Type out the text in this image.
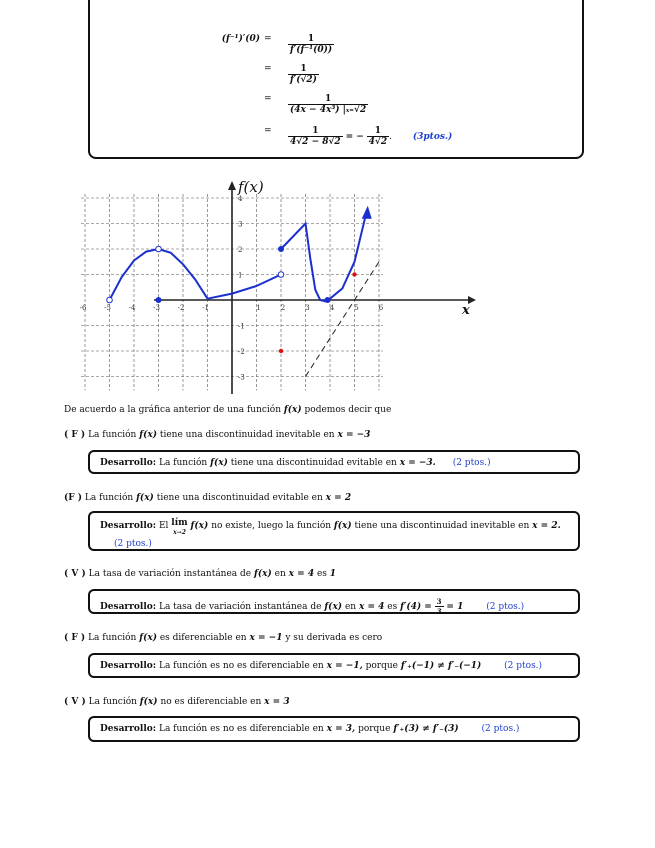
$(f^{-1})'(0) = \frac{1}{\text{f′(f⁻¹(0))}}$
= $\frac{1}{f'(√2)}$
= $\frac{1}{\text{(4x − 4x³) |ₓ₌√2}}$
= $\frac{1}{4√2 - 8√2}$ = − $\frac{1}{4√2}$ . (3ptos.)
-6	-5	-4	-3	-2	-1	1	2	3	4	5	6
-3
-2
-1
1
2
3
4
f(x)
x
De acuerdo a la gráfica anterior de una función f(x) podemos decir que
( F ) La función f(x) tiene una discontinuidad inevitable en x = −3
Desarrollo: La función f(x) tiene una discontinuidad evitable en x = −3. (2 ptos.)
(F ) La función f(x) tiene una discontinuidad evitable en x = 2
Desarrollo: El lím
x→2 f(x) no existe, luego la función f(x) tiene una discontinuidad inevitable en x = 2. (2 ptos.)
( V ) La tasa de variación instantánea de f(x) en x = 4 es 1
Desarrollo: La tasa de variación instantánea de f(x) en x = 4 es $f'(4) = \frac{3}{3} = 1$	(2 ptos.)
( F ) La función f(x) es diferenciable en x = −1 y su derivada es cero
Desarrollo: La función es no es diferenciable en x = −1, porque f′₊(−1) ≠ f′₋(−1)	(2 ptos.)
( V ) La función f(x) no es diferenciable en x = 3
Desarrollo: La función es no es diferenciable en x = 3, porque f′₊(3) ≠ f′₋(3)	(2 ptos.)
